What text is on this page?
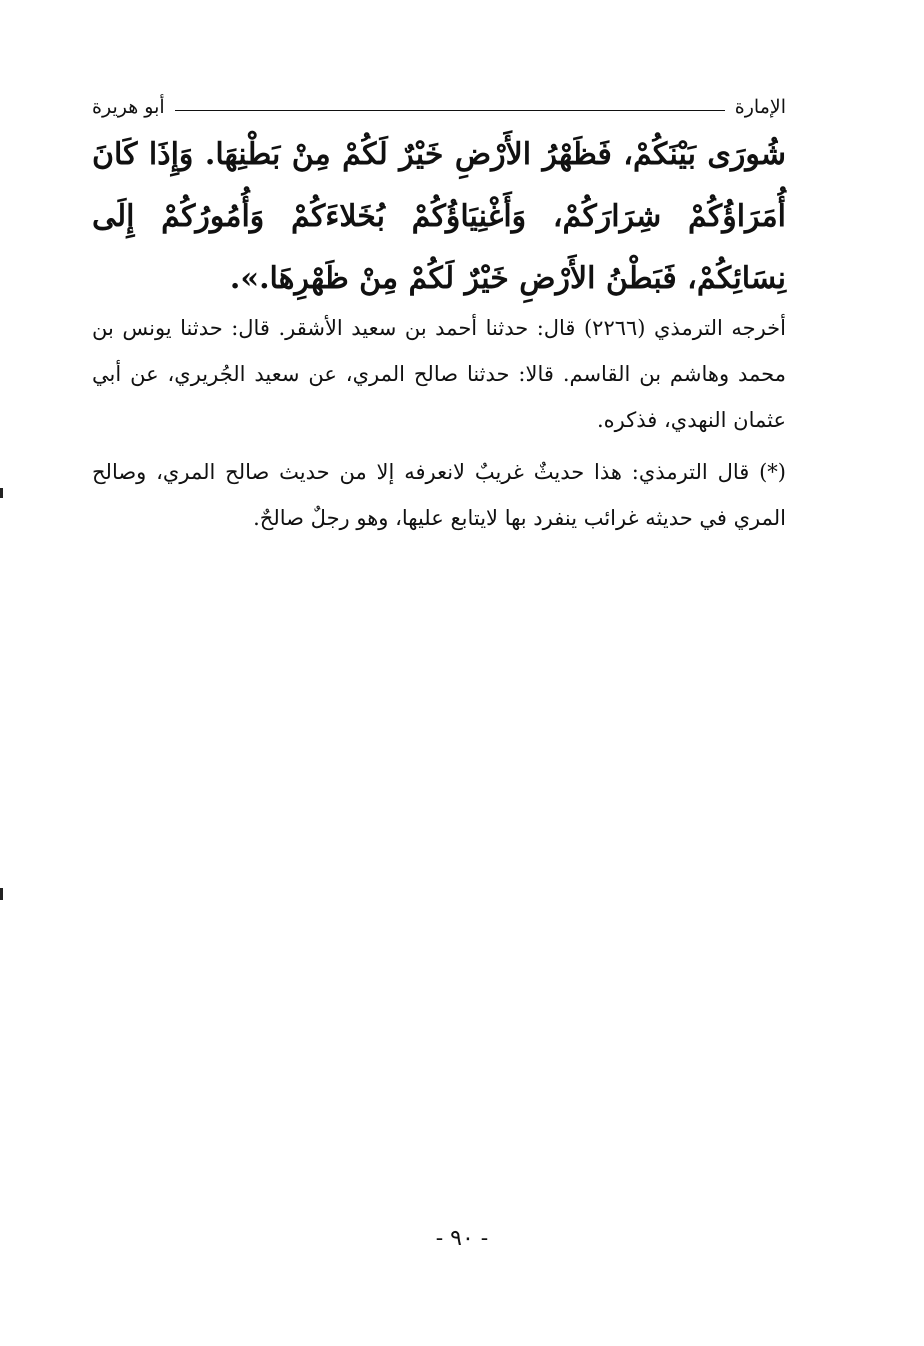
الإمارة
أبو هريرة

شُورَى بَيْنَكُمْ، فَظَهْرُ الأَرْضِ خَيْرٌ لَكُمْ مِنْ بَطْنِهَا. وَإِذَا كَانَ أُمَرَاؤُكُمْ شِرَارَكُمْ، وَأَغْنِيَاؤُكُمْ بُخَلاءَكُمْ وَأُمُورُكُمْ إِلَى نِسَائِكُمْ، فَبَطْنُ الأَرْضِ خَيْرٌ لَكُمْ مِنْ ظَهْرِهَا.».

أخرجه الترمذي (٢٢٦٦) قال: حدثنا أحمد بن سعيد الأشقر. قال: حدثنا يونس بن محمد وهاشم بن القاسم. قالا: حدثنا صالح المري، عن سعيد الجُريري، عن أبي عثمان النهدي، فذكره.

(*) قال الترمذي: هذا حديثٌ غريبٌ لانعرفه إلا من حديث صالح المري، وصالح المري في حديثه غرائب ينفرد بها لايتابع عليها، وهو رجلٌ صالحٌ.

- ٩٠ -
